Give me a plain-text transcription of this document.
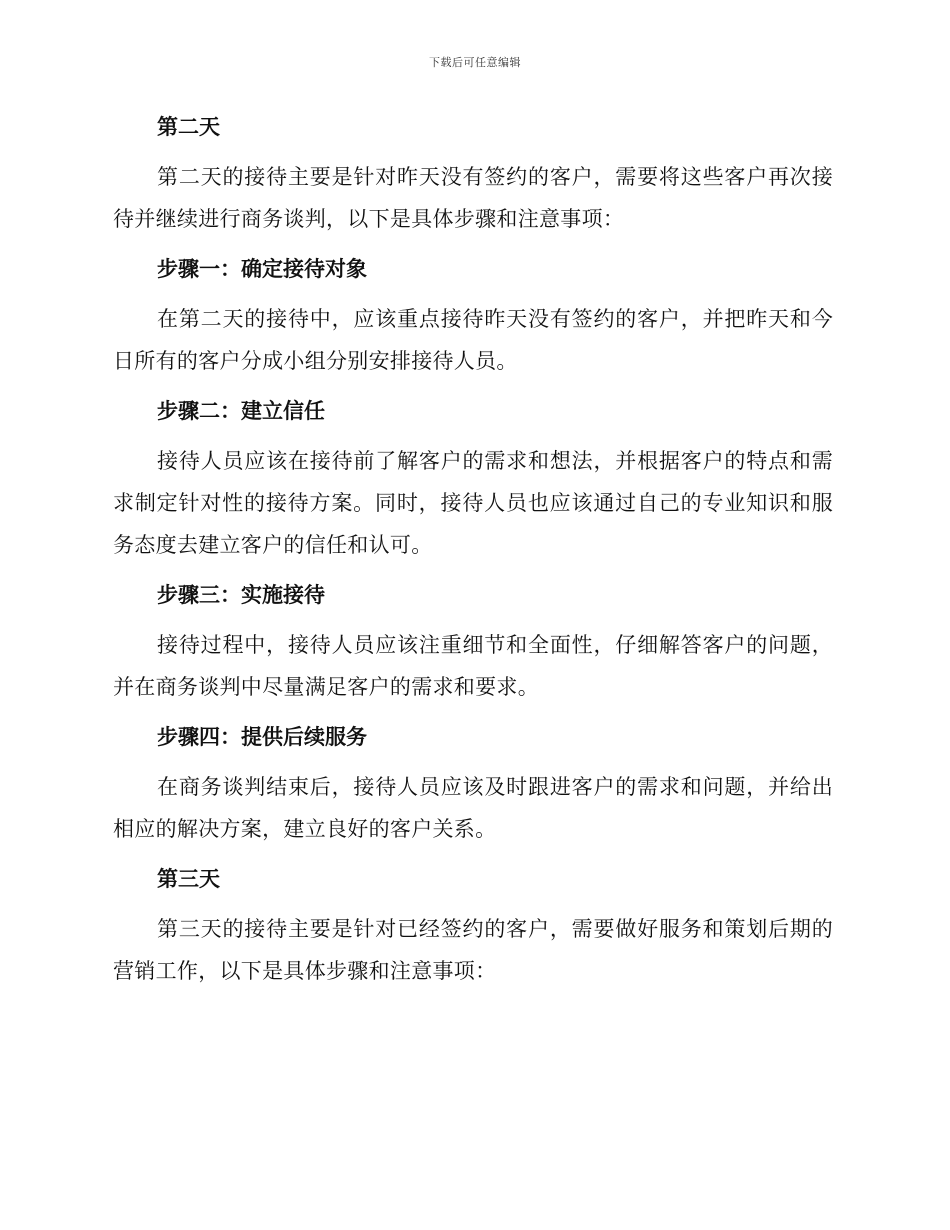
下载后可任意编辑
第二天

第二天的接待主要是针对昨天没有签约的客户，需要将这些客户再次接待并继续进行商务谈判，以下是具体步骤和注意事项：

步骤一：确定接待对象

在第二天的接待中，应该重点接待昨天没有签约的客户，并把昨天和今日所有的客户分成小组分别安排接待人员。

步骤二：建立信任

接待人员应该在接待前了解客户的需求和想法，并根据客户的特点和需求制定针对性的接待方案。同时，接待人员也应该通过自己的专业知识和服务态度去建立客户的信任和认可。

步骤三：实施接待

接待过程中，接待人员应该注重细节和全面性，仔细解答客户的问题，并在商务谈判中尽量满足客户的需求和要求。

步骤四：提供后续服务

在商务谈判结束后，接待人员应该及时跟进客户的需求和问题，并给出相应的解决方案，建立良好的客户关系。

第三天

第三天的接待主要是针对已经签约的客户，需要做好服务和策划后期的营销工作，以下是具体步骤和注意事项：
